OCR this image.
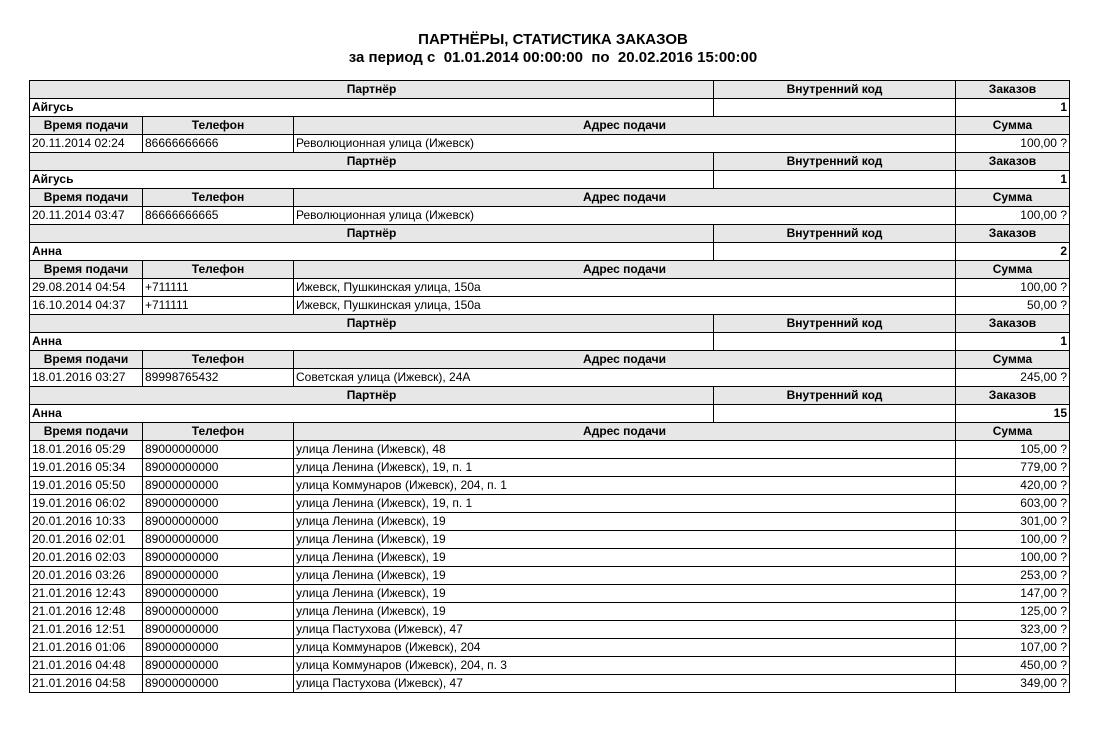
ПАРТНЁРЫ, СТАТИСТИКА ЗАКАЗОВ
за период с 01.01.2014 00:00:00 по 20.02.2016 15:00:00
Партнёр			Внутренний код	Заказов
Айгусь				1
Время подачи	Телефон	Адрес подачи		Сумма
20.11.2014 02:24	86666666666	Революционная улица (Ижевск)		100,00 ?
Партнёр			Внутренний код	Заказов
Айгусь				1
Время подачи	Телефон	Адрес подачи		Сумма
20.11.2014 03:47	86666666665	Революционная улица (Ижевск)		100,00 ?
Партнёр			Внутренний код	Заказов
Анна				2
Время подачи	Телефон	Адрес подачи		Сумма
29.08.2014 04:54	+711111	Ижевск, Пушкинская улица, 150а		100,00 ?
16.10.2014 04:37	+711111	Ижевск, Пушкинская улица, 150а		50,00 ?
Партнёр			Внутренний код	Заказов
Анна				1
Время подачи	Телефон	Адрес подачи		Сумма
18.01.2016 03:27	89998765432	Советская улица (Ижевск), 24А		245,00 ?
Партнёр			Внутренний код	Заказов
Анна				15
Время подачи	Телефон	Адрес подачи		Сумма
18.01.2016 05:29	89000000000	улица Ленина (Ижевск), 48		105,00 ?
19.01.2016 05:34	89000000000	улица Ленина (Ижевск), 19, п. 1		779,00 ?
19.01.2016 05:50	89000000000	улица Коммунаров (Ижевск), 204, п. 1		420,00 ?
19.01.2016 06:02	89000000000	улица Ленина (Ижевск), 19, п. 1		603,00 ?
20.01.2016 10:33	89000000000	улица Ленина (Ижевск), 19		301,00 ?
20.01.2016 02:01	89000000000	улица Ленина (Ижевск), 19		100,00 ?
20.01.2016 02:03	89000000000	улица Ленина (Ижевск), 19		100,00 ?
20.01.2016 03:26	89000000000	улица Ленина (Ижевск), 19		253,00 ?
21.01.2016 12:43	89000000000	улица Ленина (Ижевск), 19		147,00 ?
21.01.2016 12:48	89000000000	улица Ленина (Ижевск), 19		125,00 ?
21.01.2016 12:51	89000000000	улица Пастухова (Ижевск), 47		323,00 ?
21.01.2016 01:06	89000000000	улица Коммунаров (Ижевск), 204		107,00 ?
21.01.2016 04:48	89000000000	улица Коммунаров (Ижевск), 204, п. 3		450,00 ?
21.01.2016 04:58	89000000000	улица Пастухова (Ижевск), 47		349,00 ?
